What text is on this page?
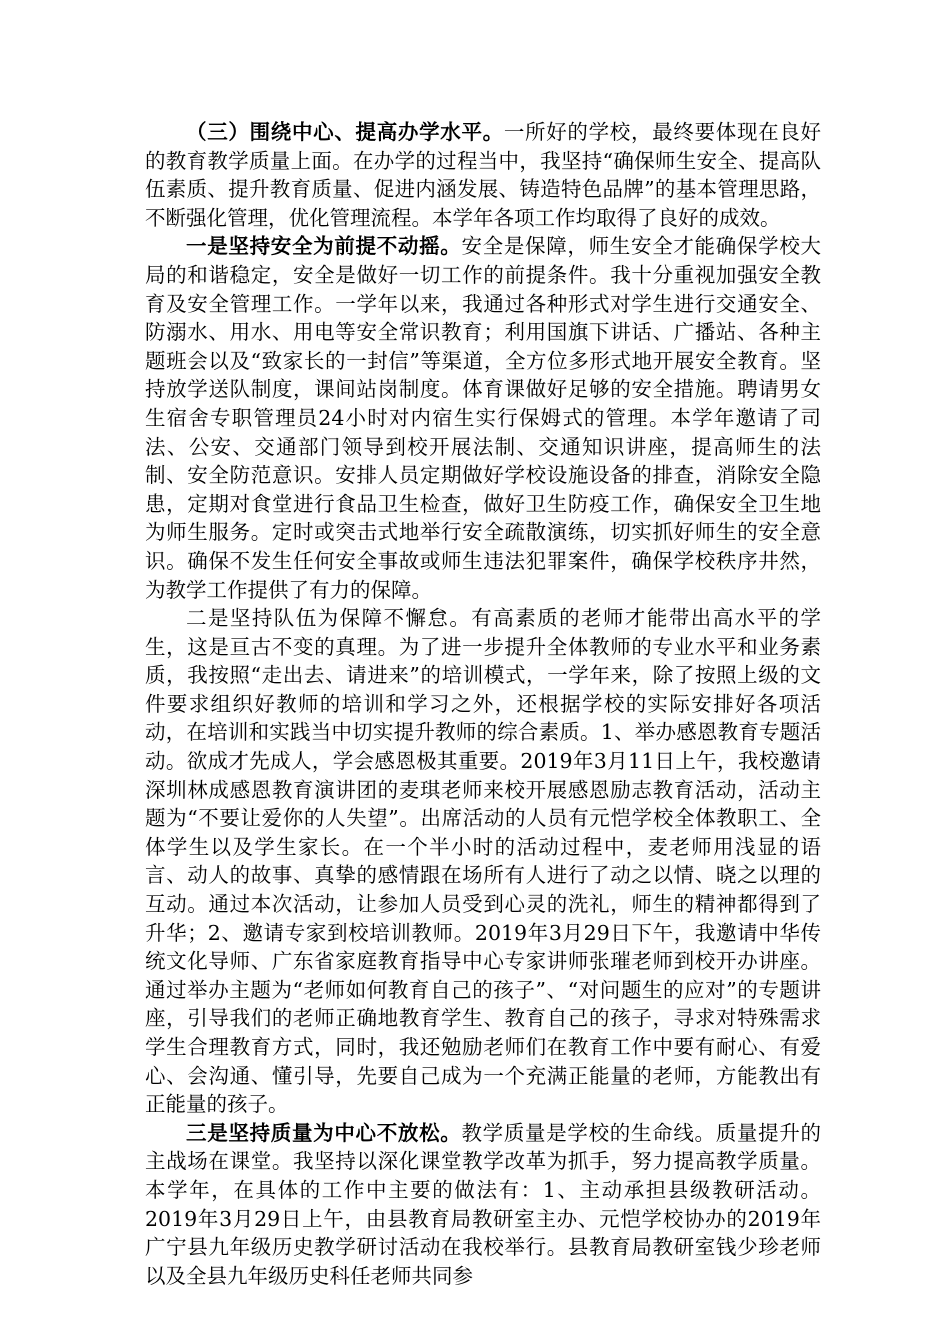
（三）围绕中心、提高办学水平。一所好的学校，最终要体现在良好的教育教学质量上面。在办学的过程当中，我坚持“确保师生安全、提高队伍素质、提升教育质量、促进内涵发展、铸造特色品牌”的基本管理思路，不断强化管理，优化管理流程。本学年各项工作均取得了良好的成效。

一是坚持安全为前提不动摇。安全是保障，师生安全才能确保学校大局的和谐稳定，安全是做好一切工作的前提条件。我十分重视加强安全教育及安全管理工作。一学年以来，我通过各种形式对学生进行交通安全、防溺水、用水、用电等安全常识教育；利用国旗下讲话、广播站、各种主题班会以及“致家长的一封信”等渠道，全方位多形式地开展安全教育。坚持放学送队制度，课间站岗制度。体育课做好足够的安全措施。聘请男女生宿舍专职管理员24小时对内宿生实行保姆式的管理。本学年邀请了司法、公安、交通部门领导到校开展法制、交通知识讲座，提高师生的法制、安全防范意识。安排人员定期做好学校设施设备的排查，消除安全隐患，定期对食堂进行食品卫生检查，做好卫生防疫工作，确保安全卫生地为师生服务。定时或突击式地举行安全疏散演练，切实抓好师生的安全意识。确保不发生任何安全事故或师生违法犯罪案件，确保学校秩序井然，为教学工作提供了有力的保障。

二是坚持队伍为保障不懈怠。有高素质的老师才能带出高水平的学生，这是亘古不变的真理。为了进一步提升全体教师的专业水平和业务素质，我按照“走出去、请进来”的培训模式，一学年来，除了按照上级的文件要求组织好教师的培训和学习之外，还根据学校的实际安排好各项活动，在培训和实践当中切实提升教师的综合素质。1、举办感恩教育专题活动。欲成才先成人，学会感恩极其重要。2019年3月11日上午，我校邀请深圳林成感恩教育演讲团的麦琪老师来校开展感恩励志教育活动，活动主题为“不要让爱你的人失望”。出席活动的人员有元恺学校全体教职工、全体学生以及学生家长。在一个半小时的活动过程中，麦老师用浅显的语言、动人的故事、真挚的感情跟在场所有人进行了动之以情、晓之以理的互动。通过本次活动，让参加人员受到心灵的洗礼，师生的精神都得到了升华；2、邀请专家到校培训教师。2019年3月29日下午，我邀请中华传统文化导师、广东省家庭教育指导中心专家讲师张璀老师到校开办讲座。通过举办主题为“老师如何教育自己的孩子”、“对问题生的应对”的专题讲座，引导我们的老师正确地教育学生、教育自己的孩子，寻求对特殊需求学生合理教育方式，同时，我还勉励老师们在教育工作中要有耐心、有爱心、会沟通、懂引导，先要自己成为一个充满正能量的老师，方能教出有正能量的孩子。

三是坚持质量为中心不放松。教学质量是学校的生命线。质量提升的主战场在课堂。我坚持以深化课堂教学改革为抓手，努力提高教学质量。本学年，在具体的工作中主要的做法有：1、主动承担县级教研活动。2019年3月29日上午，由县教育局教研室主办、元恺学校协办的2019年广宁县九年级历史教学研讨活动在我校举行。县教育局教研室钱少珍老师以及全县九年级历史科任老师共同参
